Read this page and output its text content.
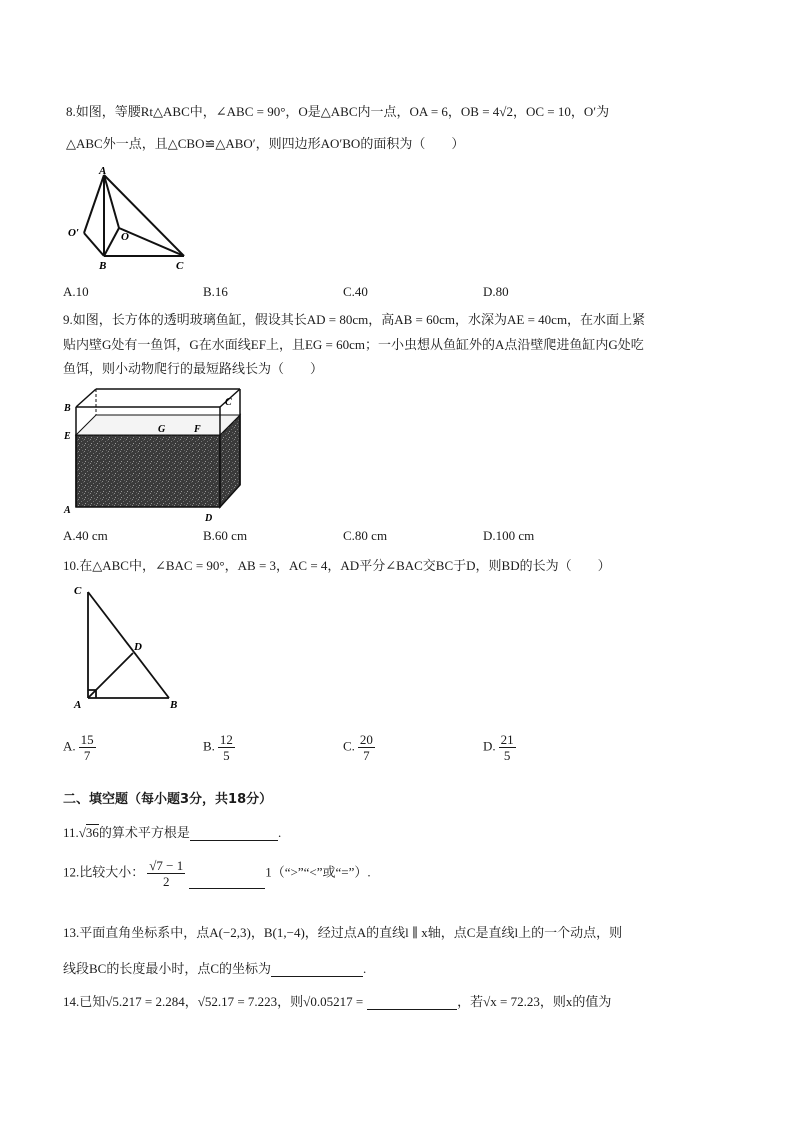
8.如图，等腰Rt△ABC中，∠ABC = 90°，O是△ABC内一点，OA = 6，OB = 4√2，OC = 10，O′为
△ABC外一点，且△CBO≌△ABO′，则四边形AO′BO的面积为（　　）
A
O′	O
B	C
A.10	B.16	C.40	D.80
9.如图，长方体的透明玻璃鱼缸，假设其长AD = 80cm，高AB = 60cm，水深为AE = 40cm，在水面上紧
贴内壁G处有一鱼饵，G在水面线EF上，且EG = 60cm；一小虫想从鱼缸外的A点沿壁爬进鱼缸内G处吃
鱼饵，则小动物爬行的最短路线长为（　　）
B
C
E
G	F
A
D
A.40 cm	B.60 cm	C.80 cm	D.100 cm
10.在△ABC中，∠BAC = 90°，AB = 3，AC = 4，AD平分∠BAC交BC于D，则BD的长为（　　）
C
D
A	B
A. $\frac{15}{7}$	B. $\frac{12}{5}$	C. $\frac{20}{7}$	D. $\frac{21}{5}$
二、填空题（每小题3分，共18分）
11.√36的算术平方根是	.
12.比较大小： $\frac{√7 - 1}{2}$	1（“>”“<”或“=”）.
13.平面直角坐标系中，点A(−2,3)，B(1,−4)，经过点A的直线l ∥ x轴，点C是直线l上的一个动点，则
线段BC的长度最小时，点C的坐标为	.
14.已知√5.217 = 2.284，√52.17 = 7.223，则√0.05217 =	，若√x = 72.23，则x的值为
